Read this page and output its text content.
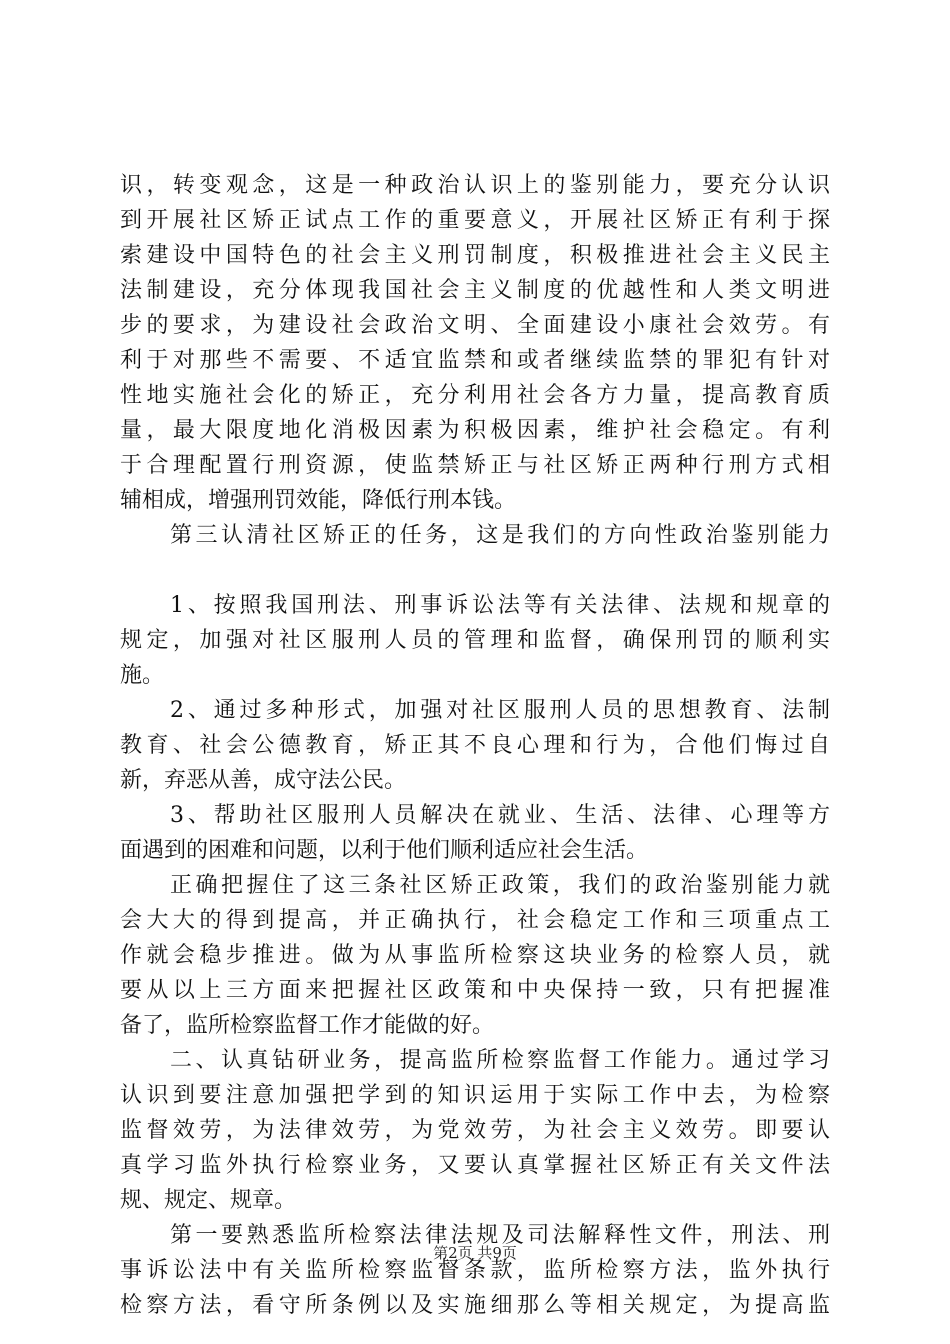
识，转变观念，这是一种政治认识上的鉴别能力，要充分认识
到开展社区矫正试点工作的重要意义，开展社区矫正有利于探
索建设中国特色的社会主义刑罚制度，积极推进社会主义民主
法制建设，充分体现我国社会主义制度的优越性和人类文明进
步的要求，为建设社会政治文明、全面建设小康社会效劳。有
利于对那些不需要、不适宜监禁和或者继续监禁的罪犯有针对
性地实施社会化的矫正，充分利用社会各方力量，提高教育质
量，最大限度地化消极因素为积极因素，维护社会稳定。有利
于合理配置行刑资源，使监禁矫正与社区矫正两种行刑方式相
辅相成，增强刑罚效能，降低行刑本钱。
第三认清社区矫正的任务，这是我们的方向性政治鉴别能力
1、按照我国刑法、刑事诉讼法等有关法律、法规和规章的
规定，加强对社区服刑人员的管理和监督，确保刑罚的顺利实
施。
2、通过多种形式，加强对社区服刑人员的思想教育、法制
教育、社会公德教育，矫正其不良心理和行为，合他们悔过自
新，弃恶从善，成守法公民。
3、帮助社区服刑人员解决在就业、生活、法律、心理等方
面遇到的困难和问题，以利于他们顺利适应社会生活。
正确把握住了这三条社区矫正政策，我们的政治鉴别能力就
会大大的得到提高，并正确执行，社会稳定工作和三项重点工
作就会稳步推进。做为从事监所检察这块业务的检察人员，就
要从以上三方面来把握社区政策和中央保持一致，只有把握准
备了，监所检察监督工作才能做的好。
二、认真钻研业务，提高监所检察监督工作能力。通过学习
认识到要注意加强把学到的知识运用于实际工作中去，为检察
监督效劳，为法律效劳，为党效劳，为社会主义效劳。即要认
真学习监外执行检察业务，又要认真掌握社区矫正有关文件法
规、规定、规章。
第一要熟悉监所检察法律法规及司法解释性文件，刑法、刑
事诉讼法中有关监所检察监督条款，监所检察方法，监外执行
检察方法，看守所条例以及实施细那么等相关规定，为提高监
第2页 共9页
